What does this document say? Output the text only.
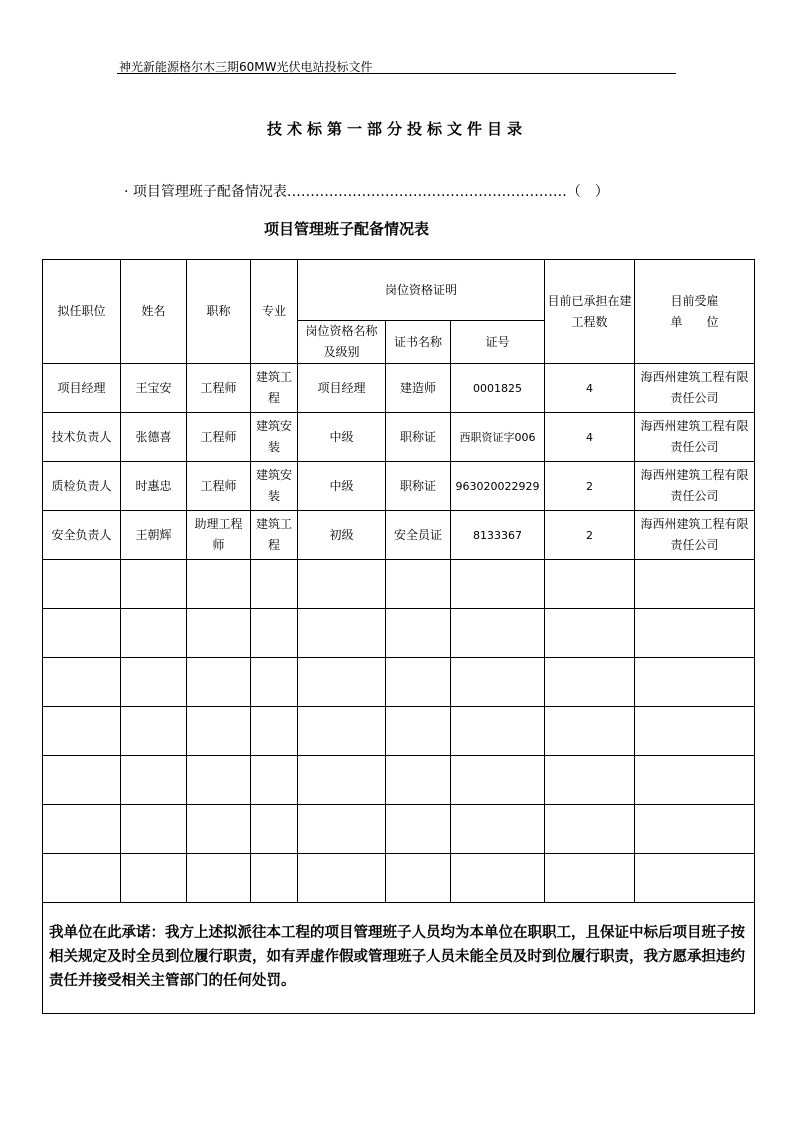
神光新能源格尔木三期60MW光伏电站投标文件
技术标第一部分投标文件目录
· 项目管理班子配备情况表……………………………………………………（　）
项目管理班子配备情况表
拟任职位	姓名	职称	专业	岗位资格证明			目前已承担在建工程数	目前受雇
单　　位
				岗位资格名称及级别	证书名称	证号		
项目经理	王宝安	工程师	建筑工程	项目经理	建造师	0001825	4	海西州建筑工程有限责任公司
技术负责人	张德喜	工程师	建筑安装	中级	职称证	西职资证字006	4	海西州建筑工程有限责任公司
质检负责人	时惠忠	工程师	建筑安装	中级	职称证	963020022929	2	海西州建筑工程有限责任公司
安全负责人	王朝辉	助理工程师	建筑工程	初级	安全员证	8133367	2	海西州建筑工程有限责任公司

我单位在此承诺：我方上述拟派往本工程的项目管理班子人员均为本单位在职职工，且保证中标后项目班子按相关规定及时全员到位履行职责，如有弄虚作假或管理班子人员未能全员及时到位履行职责，我方愿承担违约责任并接受相关主管部门的任何处罚。								
